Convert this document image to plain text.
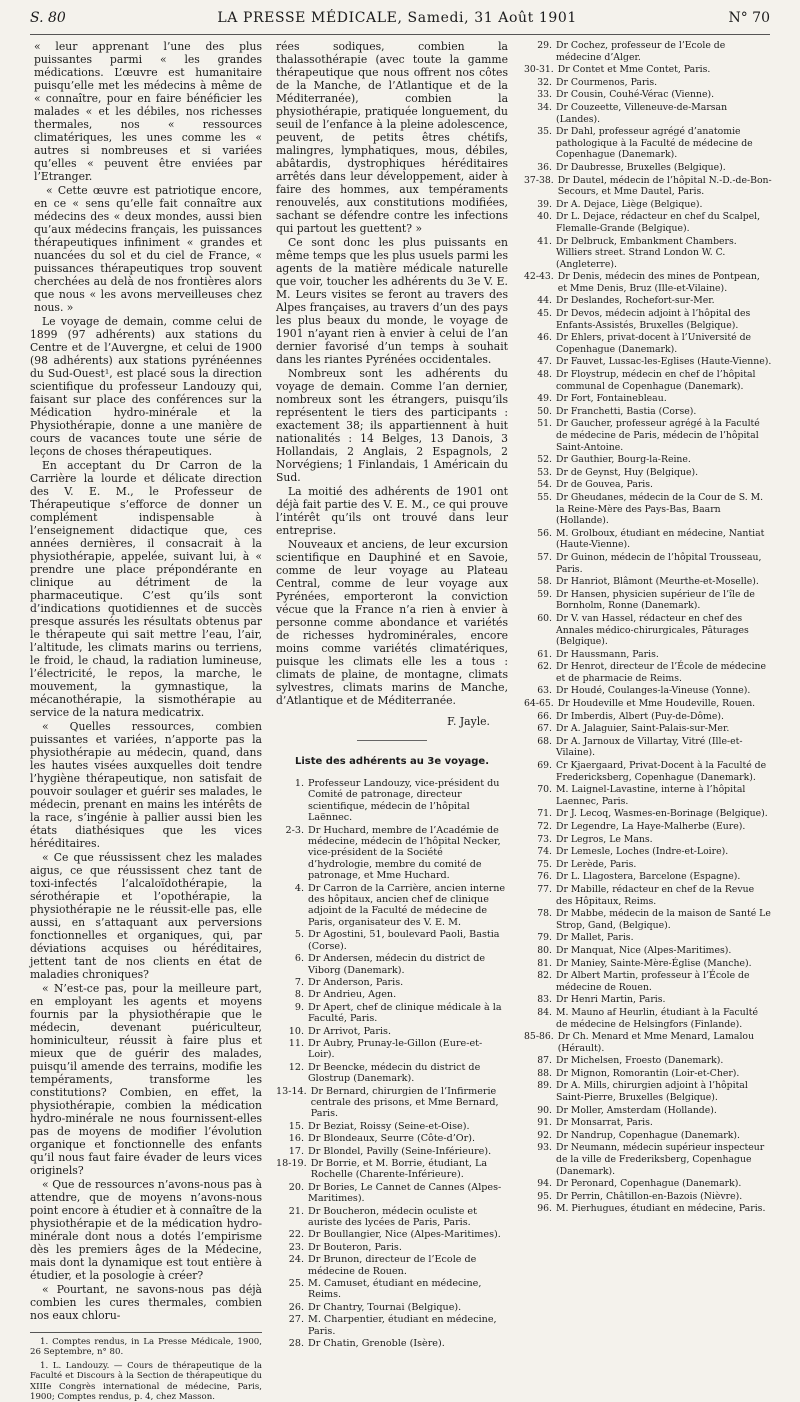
S. 80	LA PRESSE MÉDICALE, Samedi, 31 Août 1901	N° 70

« leur apprenant l’une des plus puissantes parmi « les grandes médications. L’œuvre est humanitaire puisqu’elle met les médecins à même de « connaître, pour en faire bénéficier les malades « et les débiles, nos richesses thermales, nos « ressources climatériques, les unes comme les « autres si nombreuses et si variées qu’elles « peuvent être enviées par l’Etranger.

« Cette œuvre est patriotique encore, en ce « sens qu’elle fait connaître aux médecins des « deux mondes, aussi bien qu’aux médecins français, les puissances thérapeutiques infiniment « grandes et nuancées du sol et du ciel de France, « puissances thérapeutiques trop souvent cherchées au delà de nos frontières alors que nous « les avons merveilleuses chez nous. »

Le voyage de demain, comme celui de 1899 (97 adhérents) aux stations du Centre et de l’Auvergne, et celui de 1900 (98 adhérents) aux stations pyrénéennes du Sud-Ouest¹, est placé sous la direction scientifique du professeur Landouzy qui, faisant sur place des conférences sur la Médication hydro-minérale et la Physiothérapie, donne a une manière de cours de vacances toute une série de leçons de choses thérapeutiques.

En acceptant du Dr Carron de la Carrière la lourde et délicate direction des V. E. M., le Professeur de Thérapeutique s’efforce de donner un complément indispensable à l’enseignement didactique que, ces années dernières, il consacrait à la physiothérapie, appelée, suivant lui, à « prendre une place prépondérante en clinique au détriment de la pharmaceutique. C’est qu’ils sont d’indications quotidiennes et de succès presque assurés les résultats obtenus par le thérapeute qui sait mettre l’eau, l’air, l’altitude, les climats marins ou terriens, le froid, le chaud, la radiation lumineuse, l’électricité, le repos, la marche, le mouvement, la gymnastique, la mécanothérapie, la sismothérapie au service de la natura medicatrix.

« Quelles ressources, combien puissantes et variées, n’apporte pas la physiothérapie au médecin, quand, dans les hautes visées auxquelles doit tendre l’hygiène thérapeutique, non satisfait de pouvoir soulager et guérir ses malades, le médecin, prenant en mains les intérêts de la race, s’ingénie à pallier aussi bien les états diathésiques que les vices héréditaires.

« Ce que réussissent chez les malades aigus, ce que réussissent chez tant de toxi-infectés l’alcaloïdothérapie, la sérothérapie et l’opothérapie, la physiothérapie ne le réussit-elle pas, elle aussi, en s’attaquant aux perversions fonctionnelles et organiques, qui, par déviations acquises ou héréditaires, jettent tant de nos clients en état de maladies chroniques?

« N’est-ce pas, pour la meilleure part, en employant les agents et moyens fournis par la physiothérapie que le médecin, devenant puériculteur, hominiculteur, réussit à faire plus et mieux que de guérir des malades, puisqu’il amende des terrains, modifie les tempéraments, transforme les constitutions? Combien, en effet, la physiothérapie, combien la médication hydro-minérale ne nous fournissent-elles pas de moyens de modifier l’évolution organique et fonctionnelle des enfants qu’il nous faut faire évader de leurs vices originels?

« Que de ressources n’avons-nous pas à attendre, que de moyens n’avons-nous point encore à étudier et à connaître de la physiothérapie et de la médication hydro-minérale dont nous a dotés l’empirisme dès les premiers âges de la Médecine, mais dont la dynamique est tout entière à étudier, et la posologie à créer?

« Pourtant, ne savons-nous pas déjà combien les cures thermales, combien nos eaux chloru-

1. Comptes rendus, in La Presse Médicale, 1900, 26 Septembre, n° 80.

1. L. Landouzy. — Cours de thérapeutique de la Faculté et Discours à la Section de thérapeutique du XIIIe Congrès international de médecine, Paris, 1900; Comptes rendus, p. 4, chez Masson.

rées sodiques, combien la thalassothérapie (avec toute la gamme thérapeutique que nous offrent nos côtes de la Manche, de l’Atlantique et de la Méditerranée), combien la physiothérapie, pratiquée longuement, du seuil de l’enfance à la pleine adolescence, peuvent, de petits êtres chétifs, malingres, lymphatiques, mous, débiles, abâtardis, dystrophiques héréditaires arrêtés dans leur développement, aider à faire des hommes, aux tempéraments renouvelés, aux constitutions modifiées, sachant se défendre contre les infections qui partout les guettent? »

Ce sont donc les plus puissants en même temps que les plus usuels parmi les agents de la matière médicale naturelle que voir, toucher les adhérents du 3e V. E. M. Leurs visites se feront au travers des Alpes françaises, au travers d’un des pays les plus beaux du monde, le voyage de 1901 n’ayant rien à envier à celui de l’an dernier favorisé d’un temps à souhait dans les riantes Pyrénées occidentales.

Nombreux sont les adhérents du voyage de demain. Comme l’an dernier, nombreux sont les étrangers, puisqu’ils représentent le tiers des participants : exactement 38; ils appartiennent à huit nationalités : 14 Belges, 13 Danois, 3 Hollandais, 2 Anglais, 2 Espagnols, 2 Norvégiens; 1 Finlandais, 1 Américain du Sud.

La moitié des adhérents de 1901 ont déjà fait partie des V. E. M., ce qui prouve l’intérêt qu’ils ont trouvé dans leur entreprise.

Nouveaux et anciens, de leur excursion scientifique en Dauphiné et en Savoie, comme de leur voyage au Plateau Central, comme de leur voyage aux Pyrénées, emporteront la conviction vécue que la France n’a rien à envier à personne comme abondance et variétés de richesses hydrominérales, encore moins comme variétés climatériques, puisque les climats elle les a tous : climats de plaine, de montagne, climats sylvestres, climats marins de Manche, d’Atlantique et de Méditerranée.

F. Jayle.
Liste des adhérents au 3e voyage.
1. Professeur Landouzy, vice-président du Comité de patronage, directeur scientifique, médecin de l’hôpital Laënnec.
2-3. Dr Huchard, membre de l’Académie de médecine, médecin de l’hôpital Necker, vice-président de la Société d’hydrologie, membre du comité de patronage, et Mme Huchard.
4. Dr Carron de la Carrière, ancien interne des hôpitaux, ancien chef de clinique adjoint de la Faculté de médecine de Paris, organisateur des V. E. M.
5. Dr Agostini, 51, boulevard Paoli, Bastia (Corse).
6. Dr Andersen, médecin du district de Viborg (Danemark).
7. Dr Anderson, Paris.
8. Dr Andrieu, Agen.
9. Dr Apert, chef de clinique médicale à la Faculté, Paris.
10. Dr Arrivot, Paris.
11. Dr Aubry, Prunay-le-Gillon (Eure-et-Loir).
12. Dr Beencke, médecin du district de Glostrup (Danemark).
13-14. Dr Bernard, chirurgien de l’Infirmerie centrale des prisons, et Mme Bernard, Paris.
15. Dr Beziat, Roissy (Seine-et-Oise).
16. Dr Blondeaux, Seurre (Côte-d’Or).
17. Dr Blondel, Pavilly (Seine-Inférieure).
18-19. Dr Borrie, et M. Borrie, étudiant, La Rochelle (Charente-Inférieure).
20. Dr Bories, Le Cannet de Cannes (Alpes-Maritimes).
21. Dr Boucheron, médecin oculiste et auriste des lycées de Paris, Paris.
22. Dr Boullangier, Nice (Alpes-Maritimes).
23. Dr Bouteron, Paris.
24. Dr Brunon, directeur de l’Ecole de médecine de Rouen.
25. M. Camuset, étudiant en médecine, Reims.
26. Dr Chantry, Tournai (Belgique).
27. M. Charpentier, étudiant en médecine, Paris.
28. Dr Chatin, Grenoble (Isère).
29. Dr Cochez, professeur de l’Ecole de médecine d’Alger.
30-31. Dr Contet et Mme Contet, Paris.
32. Dr Courmenos, Paris.
33. Dr Cousin, Couhé-Vérac (Vienne).
34. Dr Couzeette, Villeneuve-de-Marsan (Landes).
35. Dr Dahl, professeur agrégé d’anatomie pathologique à la Faculté de médecine de Copenhague (Danemark).
36. Dr Daubresse, Bruxelles (Belgique).
37-38. Dr Dautel, médecin de l’hôpital N.-D.-de-Bon-Secours, et Mme Dautel, Paris.
39. Dr A. Dejace, Liège (Belgique).
40. Dr L. Dejace, rédacteur en chef du Scalpel, Flemalle-Grande (Belgique).
41. Dr Delbruck, Embankment Chambers. Williers street. Strand London W. C. (Angleterre).
42-43. Dr Denis, médecin des mines de Pontpean, et Mme Denis, Bruz (Ille-et-Vilaine).
44. Dr Deslandes, Rochefort-sur-Mer.
45. Dr Devos, médecin adjoint à l’hôpital des Enfants-Assistés, Bruxelles (Belgique).
46. Dr Ehlers, privat-docent à l’Université de Copenhague (Danemark).
47. Dr Fauvet, Lussac-les-Eglises (Haute-Vienne).
48. Dr Floystrup, médecin en chef de l’hôpital communal de Copenhague (Danemark).
49. Dr Fort, Fontainebleau.
50. Dr Franchetti, Bastia (Corse).
51. Dr Gaucher, professeur agrégé à la Faculté de médecine de Paris, médecin de l’hôpital Saint-Antoine.
52. Dr Gauthier, Bourg-la-Reine.
53. Dr de Geynst, Huy (Belgique).
54. Dr de Gouvea, Paris.
55. Dr Gheudanes, médecin de la Cour de S. M. la Reine-Mère des Pays-Bas, Baarn (Hollande).
56. M. Grolboux, étudiant en médecine, Nantiat (Haute-Vienne).
57. Dr Guinon, médecin de l’hôpital Trousseau, Paris.
58. Dr Hanriot, Blâmont (Meurthe-et-Moselle).
59. Dr Hansen, physicien supérieur de l’île de Bornholm, Ronne (Danemark).
60. Dr V. van Hassel, rédacteur en chef des Annales médico-chirurgicales, Pâturages (Belgique).
61. Dr Haussmann, Paris.
62. Dr Henrot, directeur de l’École de médecine et de pharmacie de Reims.
63. Dr Houdé, Coulanges-la-Vineuse (Yonne).
64-65. Dr Houdeville et Mme Houdeville, Rouen.
66. Dr Imberdis, Albert (Puy-de-Dôme).
67. Dr A. Jalaguier, Saint-Palais-sur-Mer.
68. Dr A. Jarnoux de Villartay, Vitré (Ille-et-Vilaine).
69. Cr Kjaergaard, Privat-Docent à la Faculté de Fredericksberg, Copenhague (Danemark).
70. M. Laignel-Lavastine, interne à l’hôpital Laennec, Paris.
71. Dr J. Lecoq, Wasmes-en-Borinage (Belgique).
72. Dr Legendre, La Haye-Malherbe (Eure).
73. Dr Legros, Le Mans.
74. Dr Lemesle, Loches (Indre-et-Loire).
75. Dr Lerède, Paris.
76. Dr L. Llagostera, Barcelone (Espagne).
77. Dr Mabille, rédacteur en chef de la Revue des Hôpitaux, Reims.
78. Dr Mabbe, médecin de la maison de Santé Le Strop, Gand, (Belgique).
79. Dr Mallet, Paris.
80. Dr Manquat, Nice (Alpes-Maritimes).
81. Dr Maniey, Sainte-Mère-Église (Manche).
82. Dr Albert Martin, professeur à l’École de médecine de Rouen.
83. Dr Henri Martin, Paris.
84. M. Mauno af Heurlin, étudiant à la Faculté de médecine de Helsingfors (Finlande).
85-86. Dr Ch. Menard et Mme Menard, Lamalou (Hérault).
87. Dr Michelsen, Froesto (Danemark).
88. Dr Mignon, Romorantin (Loir-et-Cher).
89. Dr A. Mills, chirurgien adjoint à l’hôpital Saint-Pierre, Bruxelles (Belgique).
90. Dr Moller, Amsterdam (Hollande).
91. Dr Monsarrat, Paris.
92. Dr Nandrup, Copenhague (Danemark).
93. Dr Neumann, médecin supérieur inspecteur de la ville de Frederiksberg, Copenhague (Danemark).
94. Dr Peronard, Copenhague (Danemark).
95. Dr Perrin, Châtillon-en-Bazois (Nièvre).
96. M. Pierhugues, étudiant en médecine, Paris.
